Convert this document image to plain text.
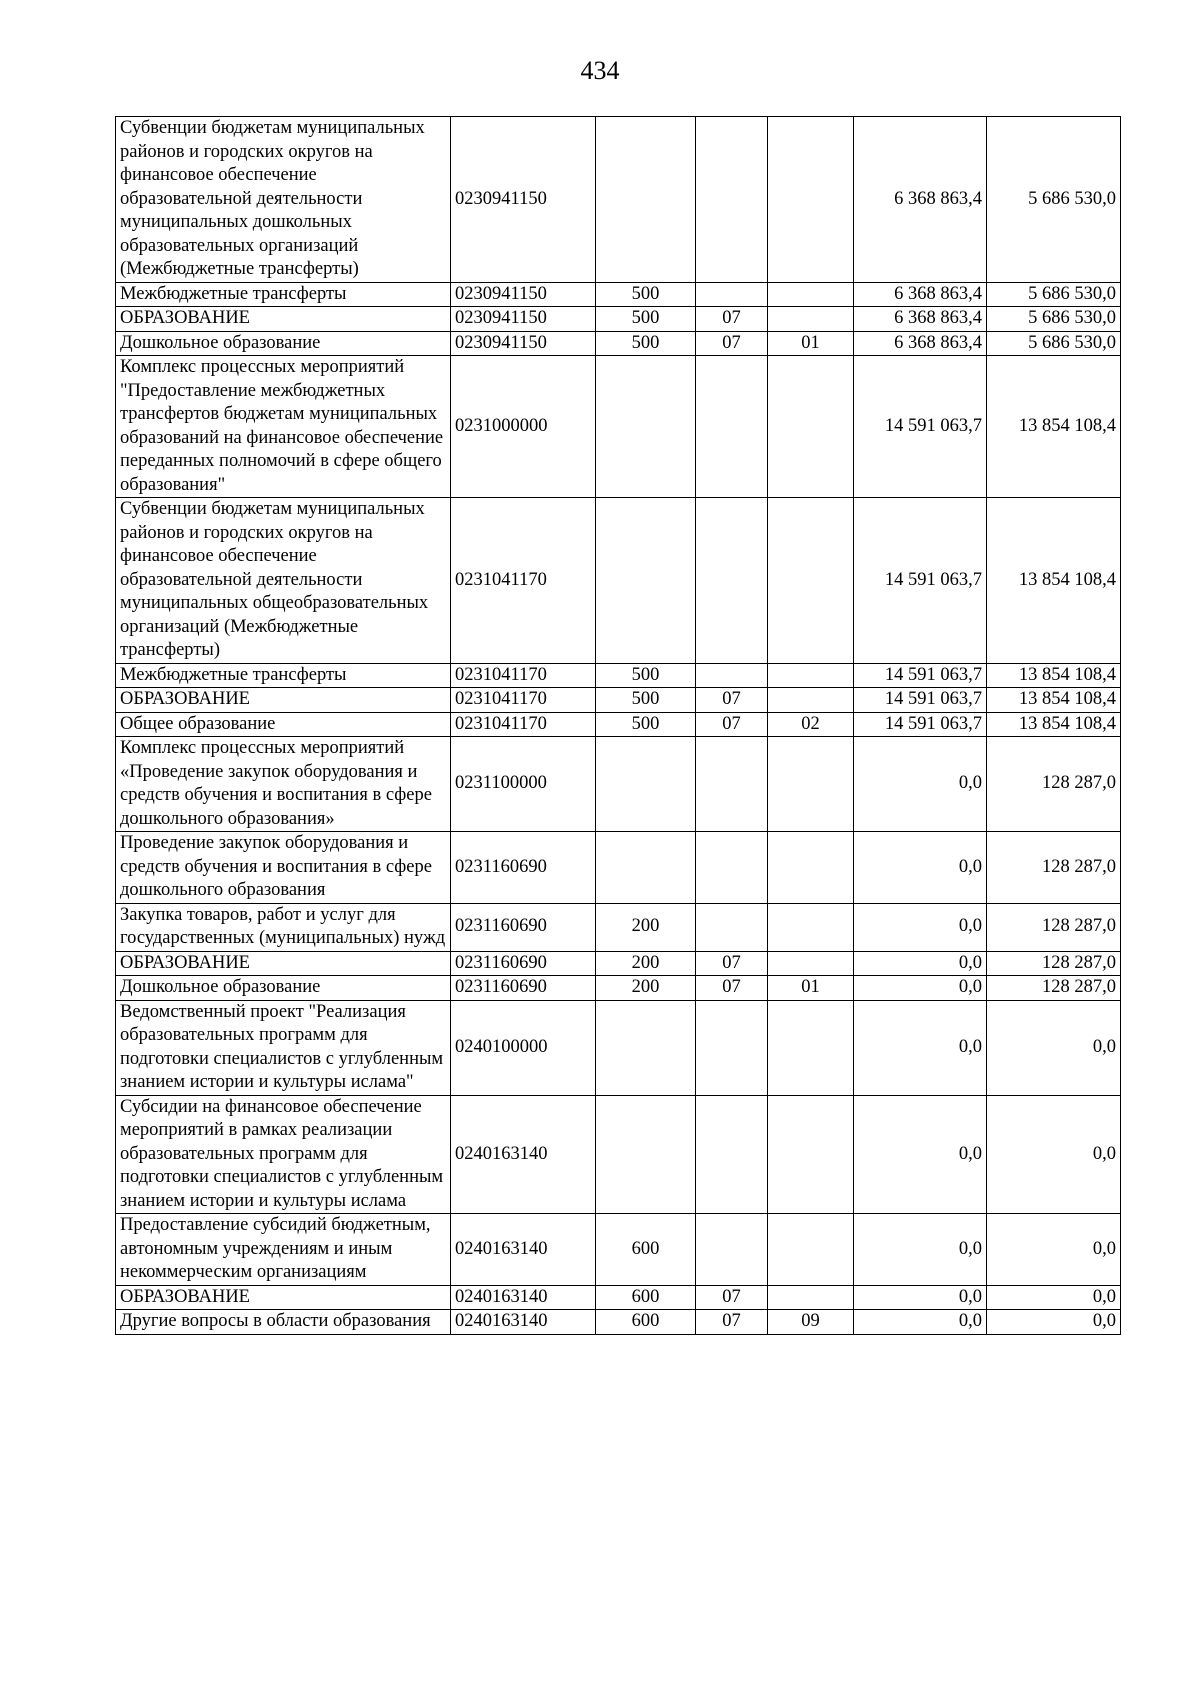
434
Субвенции бюджетам муниципальных районов и городских округов на финансовое обеспечение образовательной деятельности муниципальных дошкольных образовательных организаций (Межбюджетные трансферты)	0230941150				6 368 863,4	5 686 530,0
Межбюджетные трансферты	0230941150	500			6 368 863,4	5 686 530,0
ОБРАЗОВАНИЕ	0230941150	500	07		6 368 863,4	5 686 530,0
Дошкольное образование	0230941150	500	07	01	6 368 863,4	5 686 530,0
Комплекс процессных мероприятий "Предоставление межбюджетных трансфертов бюджетам муниципальных образований на финансовое обеспечение переданных полномочий в сфере общего образования"	0231000000				14 591 063,7	13 854 108,4
Субвенции бюджетам муниципальных районов и городских округов на финансовое обеспечение образовательной деятельности муниципальных общеобразовательных организаций (Межбюджетные трансферты)	0231041170				14 591 063,7	13 854 108,4
Межбюджетные трансферты	0231041170	500			14 591 063,7	13 854 108,4
ОБРАЗОВАНИЕ	0231041170	500	07		14 591 063,7	13 854 108,4
Общее образование	0231041170	500	07	02	14 591 063,7	13 854 108,4
Комплекс процессных мероприятий «Проведение закупок оборудования и средств обучения и воспитания в сфере дошкольного образования»	0231100000				0,0	128 287,0
Проведение закупок оборудования и средств обучения и воспитания в сфере дошкольного образования	0231160690				0,0	128 287,0
Закупка товаров, работ и услуг для государственных (муниципальных) нужд	0231160690	200			0,0	128 287,0
ОБРАЗОВАНИЕ	0231160690	200	07		0,0	128 287,0
Дошкольное образование	0231160690	200	07	01	0,0	128 287,0
Ведомственный проект "Реализация образовательных программ для подготовки специалистов с углубленным знанием истории и культуры ислама"	0240100000				0,0	0,0
Субсидии на финансовое обеспечение мероприятий в рамках реализации образовательных программ для подготовки специалистов с углубленным знанием истории и культуры ислама	0240163140				0,0	0,0
Предоставление субсидий бюджетным, автономным учреждениям и иным некоммерческим организациям	0240163140	600			0,0	0,0
ОБРАЗОВАНИЕ	0240163140	600	07		0,0	0,0
Другие вопросы в области образования	0240163140	600	07	09	0,0	0,0
